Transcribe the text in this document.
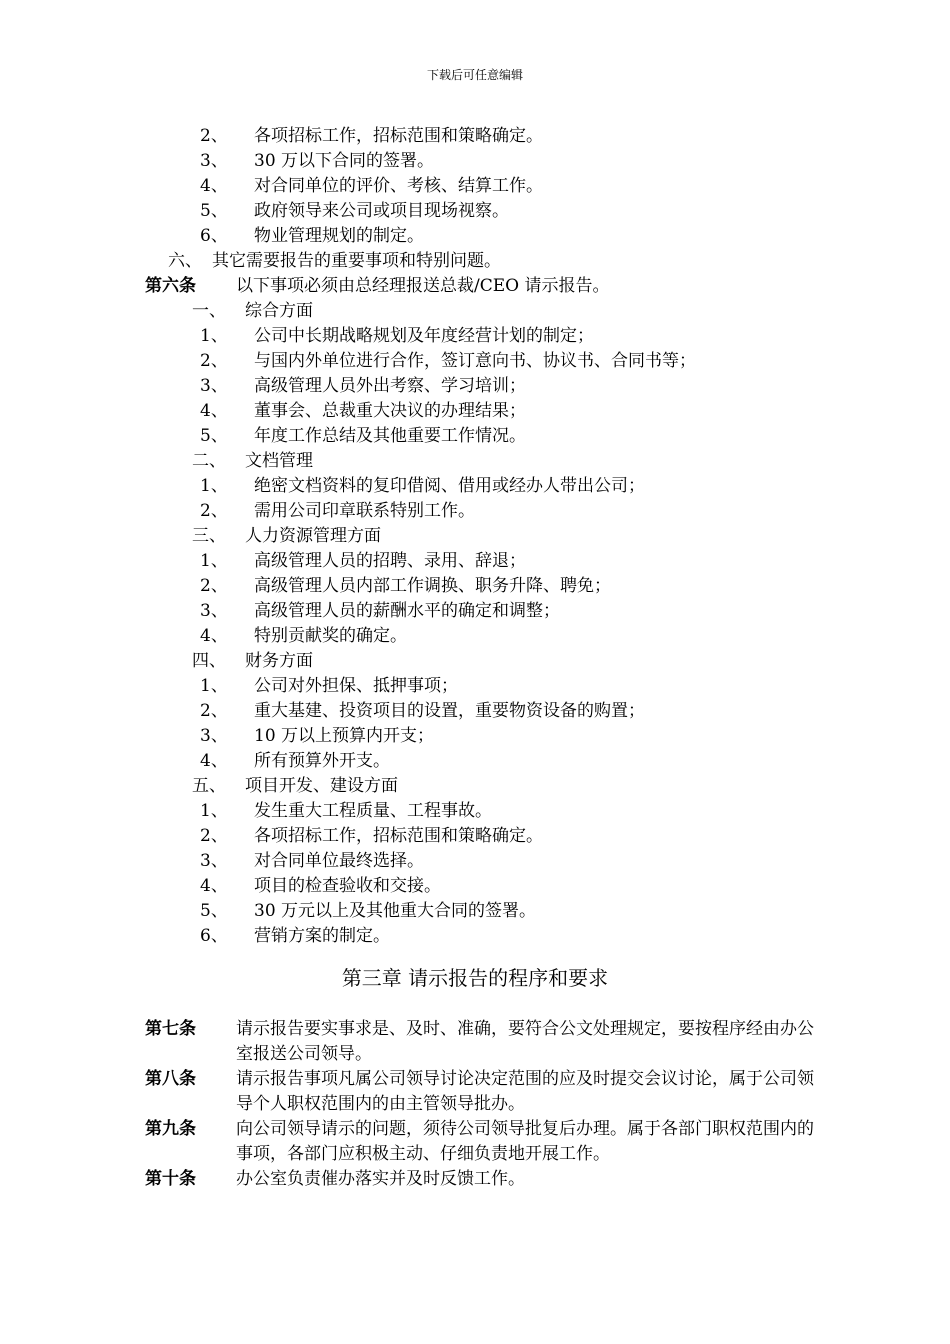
下载后可任意编辑
2、 各项招标工作，招标范围和策略确定。
3、 30 万以下合同的签署。
4、 对合同单位的评价、考核、结算工作。
5、 政府领导来公司或项目现场视察。
6、 物业管理规划的制定。
六、 其它需要报告的重要事项和特别问题。
第六条 以下事项必须由总经理报送总裁/CEO 请示报告。
一、 综合方面
1、 公司中长期战略规划及年度经营计划的制定；
2、 与国内外单位进行合作，签订意向书、协议书、合同书等；
3、 高级管理人员外出考察、学习培训；
4、 董事会、总裁重大决议的办理结果；
5、 年度工作总结及其他重要工作情况。
二、 文档管理
1、 绝密文档资料的复印借阅、借用或经办人带出公司；
2、 需用公司印章联系特别工作。
三、 人力资源管理方面
1、 高级管理人员的招聘、录用、辞退；
2、 高级管理人员内部工作调换、职务升降、聘免；
3、 高级管理人员的薪酬水平的确定和调整；
4、 特别贡献奖的确定。
四、 财务方面
1、 公司对外担保、抵押事项；
2、 重大基建、投资项目的设置，重要物资设备的购置；
3、 10 万以上预算内开支；
4、 所有预算外开支。
五、 项目开发、建设方面
1、 发生重大工程质量、工程事故。
2、 各项招标工作，招标范围和策略确定。
3、 对合同单位最终选择。
4、 项目的检查验收和交接。
5、 30 万元以上及其他重大合同的签署。
6、 营销方案的制定。
第三章 请示报告的程序和要求
第七条 请示报告要实事求是、及时、准确，要符合公文处理规定，要按程序经由办公室报送公司领导。
第八条 请示报告事项凡属公司领导讨论决定范围的应及时提交会议讨论，属于公司领导个人职权范围内的由主管领导批办。
第九条 向公司领导请示的问题，须待公司领导批复后办理。属于各部门职权范围内的事项，各部门应积极主动、仔细负责地开展工作。
第十条 办公室负责催办落实并及时反馈工作。
